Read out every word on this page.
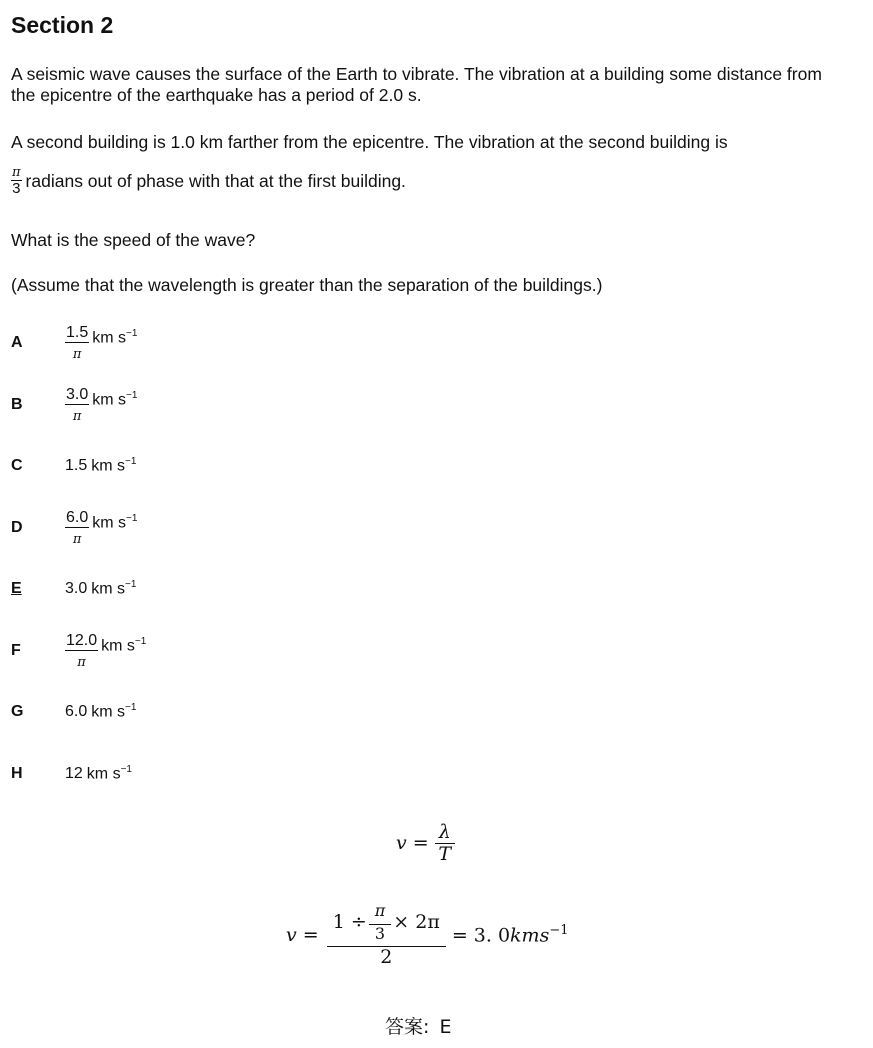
Section 2
A seismic wave causes the surface of the Earth to vibrate. The vibration at a building some distance from the epicentre of the earthquake has a period of 2.0 s.
A second building is 1.0 km farther from the epicentre. The vibration at the second building is
$\frac{\pi}{3}$ radians out of phase with that at the first building.
What is the speed of the wave?
(Assume that the wavelength is greater than the separation of the buildings.)
A	$\frac{1.5}{\pi}$ km $s^{-1}$
B	$\frac{3.0}{\pi}$ km $s^{-1}$
C	1.5 km $s^{-1}$
D	$\frac{6.0}{\pi}$ km $s^{-1}$
E	3.0 km $s^{-1}$
F	$\frac{12.0}{\pi}$ km $s^{-1}$
G	6.0 km $s^{-1}$
H	12 km $s^{-1}$
$v = \frac{\lambda}{T}$
$v = \frac{1 \div \frac{\pi}{3} \times 2\pi}{2} = 3$. 0kms$^{-1}$
答案: E
